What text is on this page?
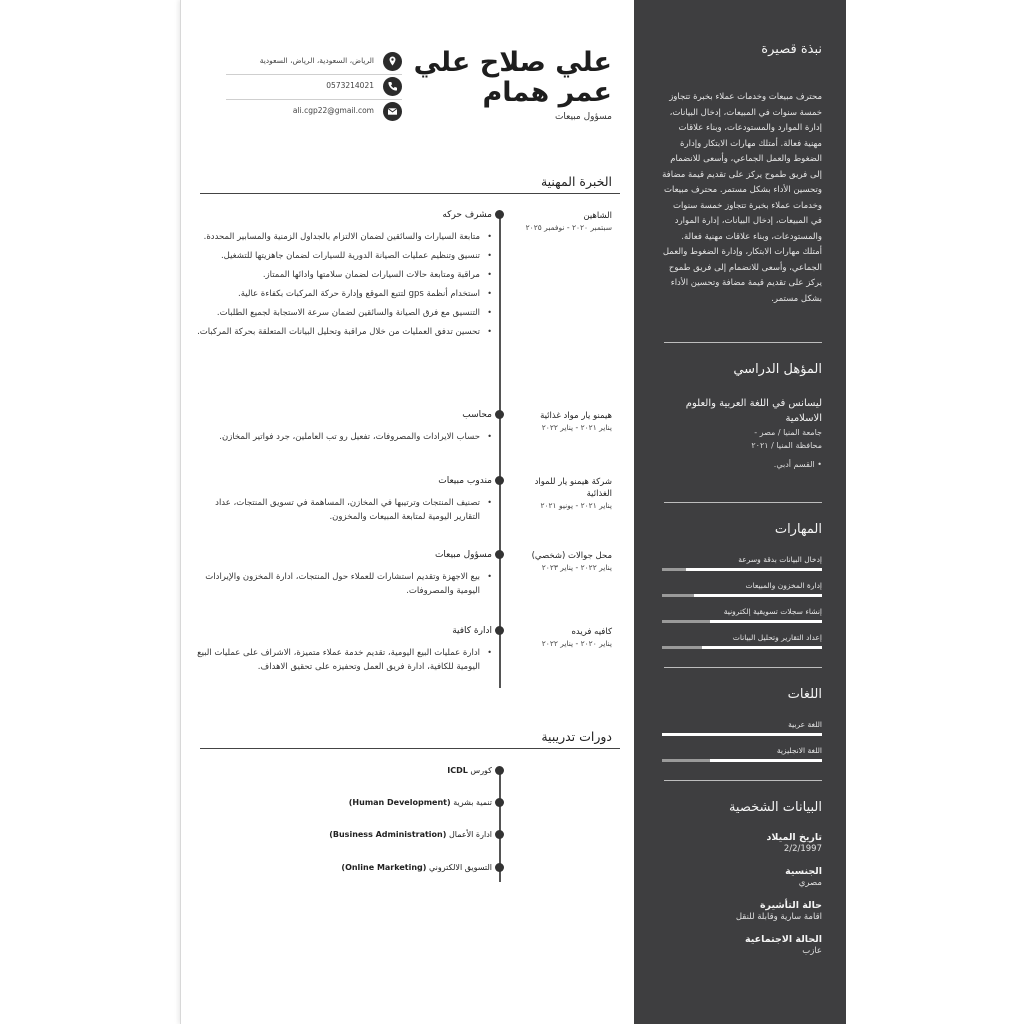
علي صلاح علي عمر همام

مسؤول مبيعات

الرياض، السعودية، الرياض، السعودية
0573214021
ali.cgp22@gmail.com
الخبرة المهنية

الشاهين
سبتمبر ٢٠٢٠ - نوفمبر ٢٠٢٥

مشرف حركه

• متابعة السيارات والسائقين لضمان الالتزام بالجداول الزمنية والمسابير المحددة.
• تنسيق وتنظيم عمليات الصيانة الدورية للسيارات لضمان جاهزيتها للتشغيل.
• مراقبة ومتابعة حالات السيارات لضمان سلامتها وادائها الممتاز.
• استخدام أنظمة gps لتتبع الموقع وإدارة حركة المركبات بكفاءة عالية.
• التنسيق مع فرق الصيانة والسائقين لضمان سرعة الاستجابة لجميع الطلبات.
• تحسين تدفق العمليات من خلال مراقبة وتحليل البيانات المتعلقة بحركة المركبات.

هيمنو يار مواد غذائية
يناير ٢٠٢١ - يناير ٢٠٢٢

محاسب

• حساب الايرادات والمصروفات، تفعيل رو تب العاملين، جرد فواتير المخازن.

شركة هيمنو يار للمواد الغذائية
يناير ٢٠٢١ - يونيو ٢٠٢١

مندوب مبيعات

• تصنيف المنتجات وترتيبها في المخازن، المساهمة في تسويق المنتجات، عداد التقارير اليومية لمتابعة المبيعات والمخزون.

محل جوالات (شخصي)
يناير ٢٠٢٢ - يناير ٢٠٢٣

مسؤول مبيعات

• بيع الاجهزة وتقديم استشارات للعملاء حول المنتجات، ادارة المخزون والإيرادات اليومية والمصروفات.

كافيه فريده
يناير ٢٠٢٠ - يناير ٢٠٢٢

ادارة كافية

• ادارة عمليات البيع اليومية، تقديم خدمة عملاء متميزة، الاشراف على عمليات البيع اليومية للكافية، ادارة فريق العمل وتحفيزه على تحقيق الاهداف.
دورات تدريبية

كورس ICDL

تنمية بشرية (Human Development)

ادارة الأعمال (Business Administration)

التسويق الالكتروني (Online Marketing)

نبذة قصيرة

محترف مبيعات وخدمات عملاء بخبرة تتجاوز خمسة سنوات في المبيعات، إدخال البيانات، إدارة الموارد والمستودعات، وبناء علاقات مهنية فعالة. أمتلك مهارات الابتكار وإدارة الضغوط والعمل الجماعي، وأسعى للانضمام إلى فريق طموح يركز على تقديم قيمة مضافة وتحسين الأداء بشكل مستمر. محترف مبيعات وخدمات عملاء بخبرة تتجاوز خمسة سنوات في المبيعات، إدخال البيانات، إدارة الموارد والمستودعات، وبناء علاقات مهنية فعالة. أمتلك مهارات الابتكار، وإدارة الضغوط والعمل الجماعي، وأسعى للانضمام إلى فريق طموح يركز على تقديم قيمة مضافة وتحسين الأداء بشكل مستمر.

المؤهل الدراسي

ليسانس في اللغة العربية والعلوم الاسلامية

جامعة المنيا / مصر - محافظة المنيا / ٢٠٢١

• القسم أدبي.

المهارات
إدخال البيانات بدقة وسرعة
إدارة المخزون والمبيعات
إنشاء سجلات تسويقية إلكترونية
إعداد التقارير وتحليل البيانات
اللغات
اللغة عربية
اللغة الانجليزية
البيانات الشخصية

تاريخ الميلاد

2/2/1997

الجنسية

مصري

حالة التأشيرة

اقامة سارية وقابلة للنقل

الحالة الاجتماعية

عازب
